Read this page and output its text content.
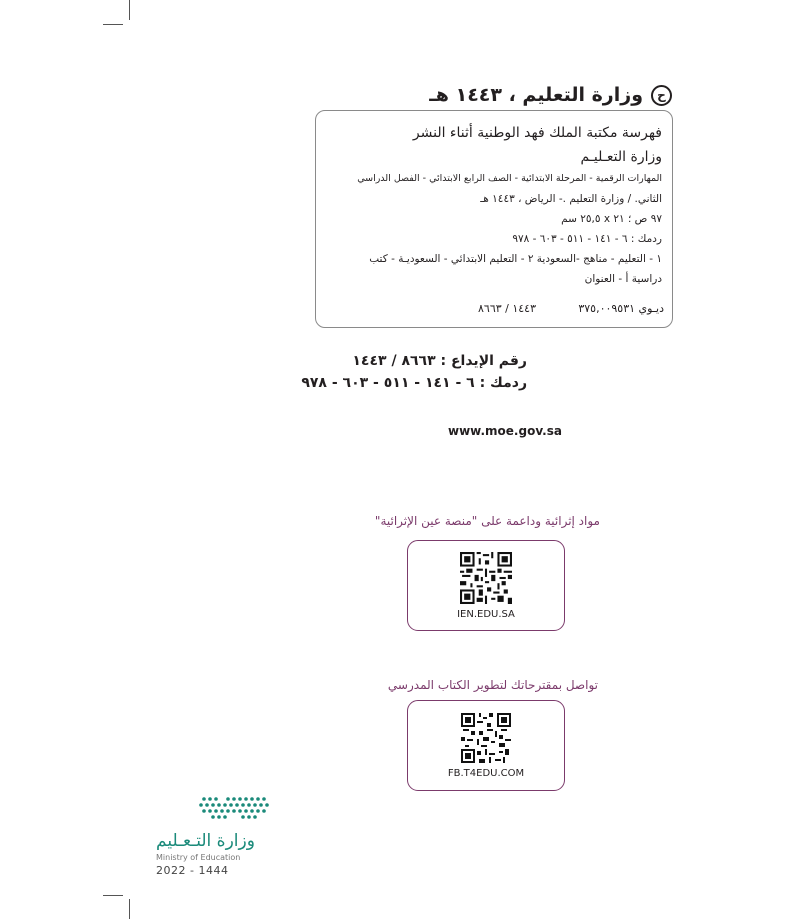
ح
وزارة التعليم ، ١٤٤٣ هـ
فهرسة مكتبة الملك فهد الوطنية أثناء النشر
وزارة التعـليـم
المهارات الرقمية - المرحلة الابتدائية - الصف الرابع الابتدائي - الفصل الدراسي
الثاني. / وزارة التعليم .- الرياض ، ١٤٤٣ هـ
٩٧ ص ؛ ٢١ x ٢٥,٥ سم
ردمك : ٦ - ١٤١ - ٥١١ - ٦٠٣ - ٩٧٨
١ - التعليم - مناهج -السعودية ٢ - التعليم الابتدائي - السعوديـة - كتب
دراسية أ - العنوان
ديـوي ٣٧٥,٠٠٩٥٣١
١٤٤٣ / ٨٦٦٣
رقم الإيداع : ٨٦٦٣ / ١٤٤٣
ردمك : ٦ - ١٤١ - ٥١١ - ٦٠٣ - ٩٧٨
www.moe.gov.sa
مواد إثرائية وداعمة على "منصة عين الإثرائية"
IEN.EDU.SA
تواصل بمقترحاتك لتطوير الكتاب المدرسي
FB.T4EDU.COM
وزارة التـعـليم
Ministry of Education
2022 - 1444
